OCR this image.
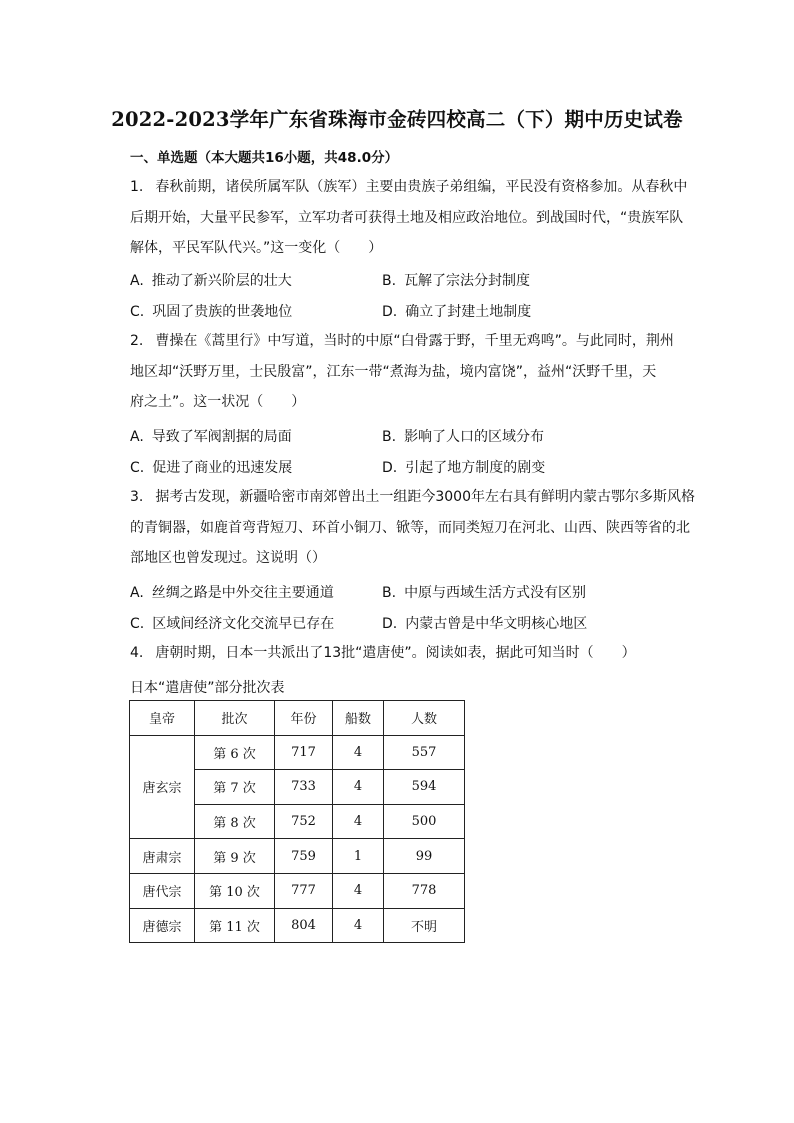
2022-2023学年广东省珠海市金砖四校高二（下）期中历史试卷
一、单选题（本大题共16小题，共48.0分）
1. 春秋前期，诸侯所属军队（族军）主要由贵族子弟组编，平民没有资格参加。从春秋中
后期开始，大量平民参军，立军功者可获得土地及相应政治地位。到战国时代，“贵族军队
解体，平民军队代兴。”这一变化（　　）
A. 推动了新兴阶层的壮大	B. 瓦解了宗法分封制度
C. 巩固了贵族的世袭地位	D. 确立了封建土地制度
2. 曹操在《蒿里行》中写道，当时的中原“白骨露于野，千里无鸡鸣”。与此同时，荆州
地区却“沃野万里，士民殷富”，江东一带“煮海为盐，境内富饶”，益州“沃野千里，天
府之土”。这一状况（　　）
A. 导致了军阀割据的局面	B. 影响了人口的区域分布
C. 促进了商业的迅速发展	D. 引起了地方制度的剧变
3. 据考古发现，新疆哈密市南郊曾出土一组距今3000年左右具有鲜明内蒙古鄂尔多斯风格
的青铜器，如鹿首弯背短刀、环首小铜刀、锨等，而同类短刀在河北、山西、陕西等省的北
部地区也曾发现过。这说明（）
A. 丝绸之路是中外交往主要通道	B. 中原与西域生活方式没有区别
C. 区域间经济文化交流早已存在	D. 内蒙古曾是中华文明核心地区
4. 唐朝时期，日本一共派出了13批“遣唐使”。阅读如表，据此可知当时（　　）
日本“遣唐使”部分批次表
皇帝	批次	年份	船数	人数
唐玄宗	第 6 次	717	4	557
	第 7 次	733	4	594
	第 8 次	752	4	500
唐肃宗	第 9 次	759	1	99
唐代宗	第 10 次	777	4	778
唐德宗	第 11 次	804	4	不明
